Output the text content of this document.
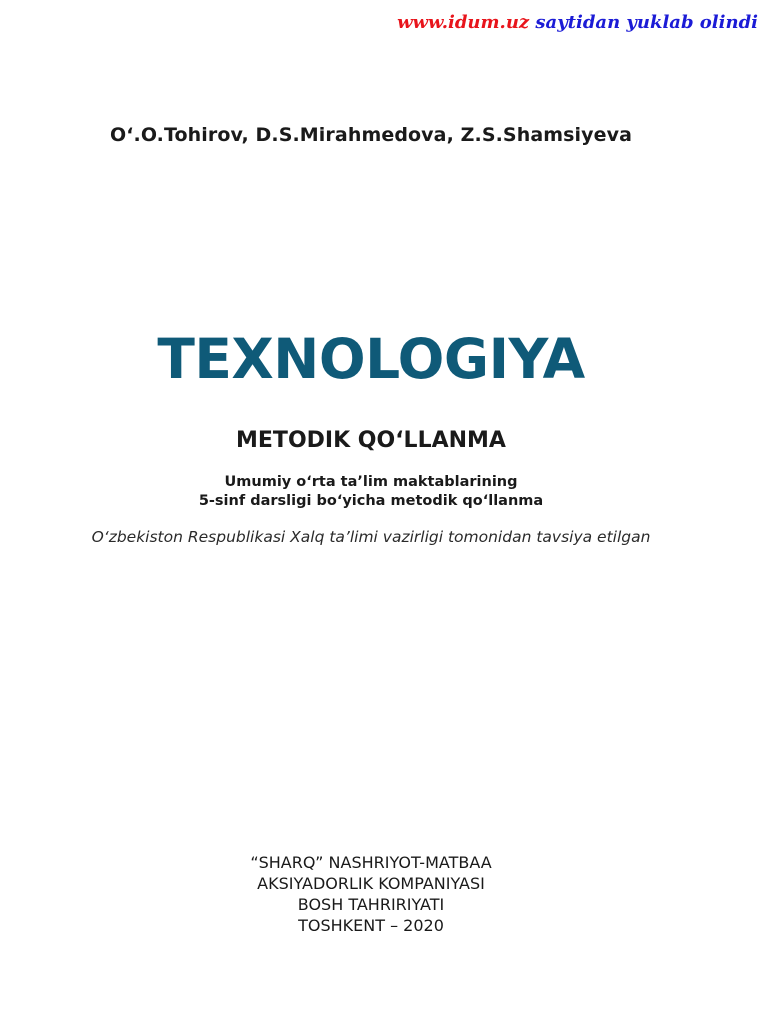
www.idum.uz saytidan yuklab olindi
O‘.O.Tohirov, D.S.Mirahmedova, Z.S.Shamsiyeva
TEXNOLOGIYA
METODIK QO‘LLANMA
Umumiy o‘rta ta’lim maktablarining
5-sinf darsligi bo‘yicha metodik qo‘llanma
O‘zbekiston Respublikasi Xalq ta’limi vazirligi tomonidan tavsiya etilgan
“SHARQ” NASHRIYOT-MATBAA
AKSIYADORLIK KOMPANIYASI
BOSH TAHRIRIYATI
TOSHKENT – 2020
